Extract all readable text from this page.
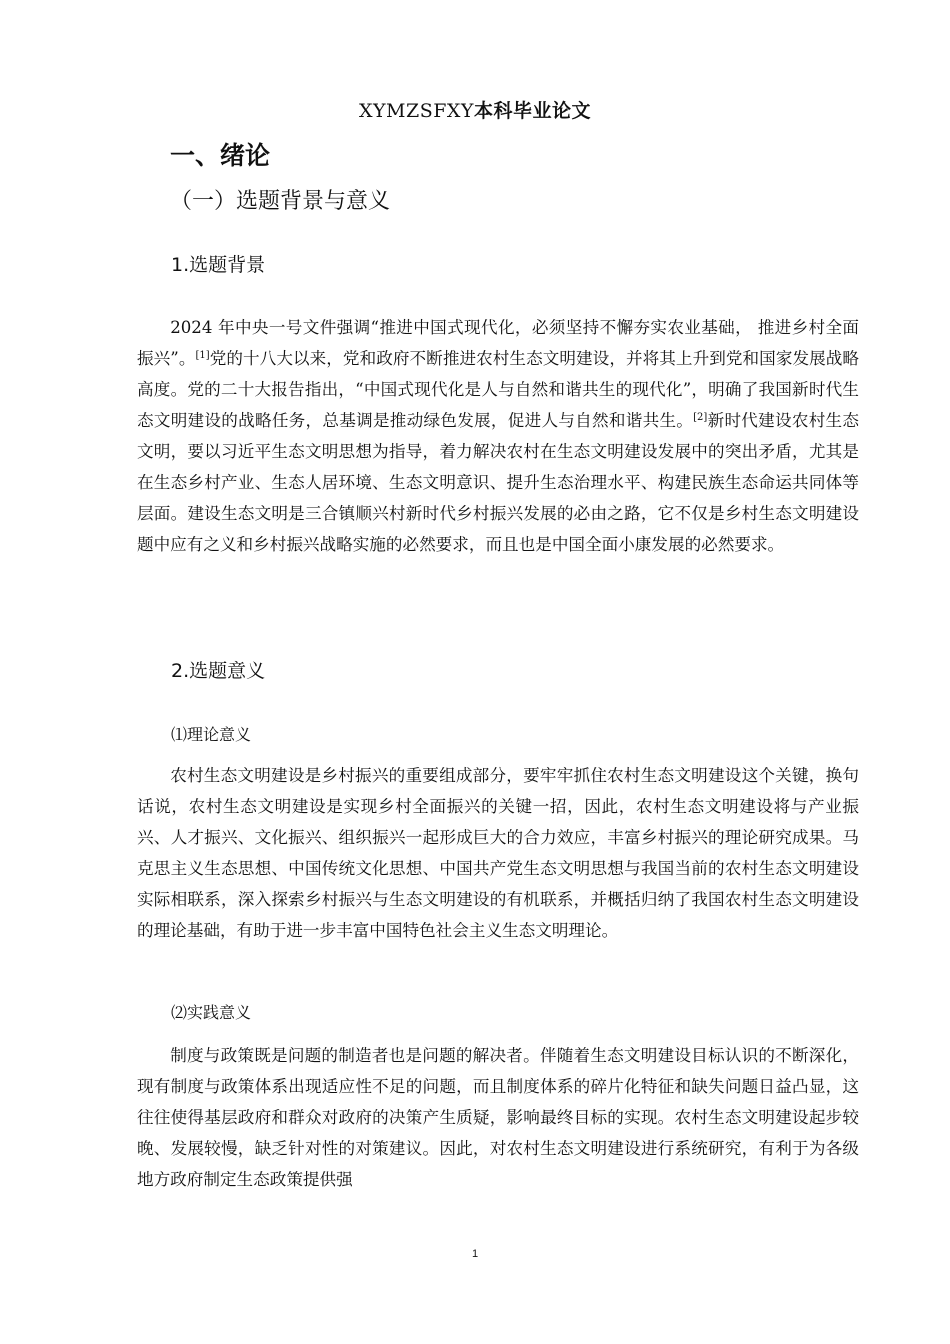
XYMZSFXY本科毕业论文
一、绪论
（一）选题背景与意义
1.选题背景

2024 年中央一号文件强调“推进中国式现代化，必须坚持不懈夯实农业基础， 推进乡村全面振兴”。[1]党的十八大以来，党和政府不断推进农村生态文明建设，并将其上升到党和国家发展战略高度。党的二十大报告指出，“中国式现代化是人与自然和谐共生的现代化”，明确了我国新时代生态文明建设的战略任务，总基调是推动绿色发展，促进人与自然和谐共生。[2]新时代建设农村生态文明，要以习近平生态文明思想为指导，着力解决农村在生态文明建设发展中的突出矛盾，尤其是在生态乡村产业、生态人居环境、生态文明意识、提升生态治理水平、构建民族生态命运共同体等层面。建设生态文明是三合镇顺兴村新时代乡村振兴发展的必由之路，它不仅是乡村生态文明建设题中应有之义和乡村振兴战略实施的必然要求，而且也是中国全面小康发展的必然要求。

2.选题意义
⑴理论意义

农村生态文明建设是乡村振兴的重要组成部分，要牢牢抓住农村生态文明建设这个关键，换句话说，农村生态文明建设是实现乡村全面振兴的关键一招，因此，农村生态文明建设将与产业振兴、人才振兴、文化振兴、组织振兴一起形成巨大的合力效应，丰富乡村振兴的理论研究成果。马克思主义生态思想、中国传统文化思想、中国共产党生态文明思想与我国当前的农村生态文明建设实际相联系，深入探索乡村振兴与生态文明建设的有机联系，并概括归纳了我国农村生态文明建设的理论基础，有助于进一步丰富中国特色社会主义生态文明理论。

⑵实践意义

制度与政策既是问题的制造者也是问题的解决者。伴随着生态文明建设目标认识的不断深化，现有制度与政策体系出现适应性不足的问题，而且制度体系的碎片化特征和缺失问题日益凸显，这往往使得基层政府和群众对政府的决策产生质疑，影响最终目标的实现。农村生态文明建设起步较晚、发展较慢，缺乏针对性的对策建议。因此，对农村生态文明建设进行系统研究，有利于为各级地方政府制定生态政策提供强

1
